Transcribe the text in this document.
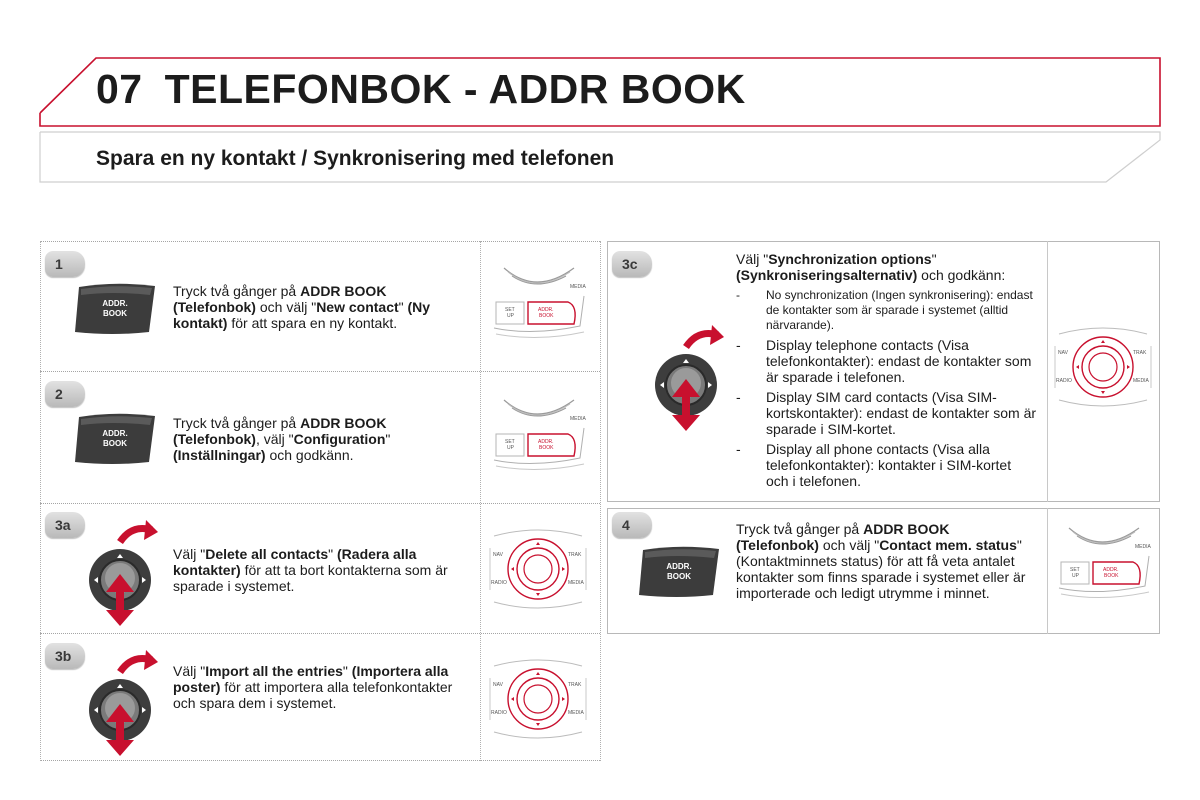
07 TELEFONBOK - ADDR BOOK
Spara en ny kontakt / Synkronisering med telefonen
1
2
3a
3b
3c
4
ADDR.
BOOK
ADDR.
BOOK
ADDR.
BOOK
MEDIA
SET
UP
ADDR.
BOOK
MEDIA
SET
UP
ADDR.
BOOK
MEDIA
SET
UP
ADDR.
BOOK
NAV	TRAK
RADIO	MEDIA
NAV	TRAK
RADIO	MEDIA
NAV	TRAK
RADIO	MEDIA
Tryck två gånger på ADDR BOOK (Telefonbok) och välj "New contact" (Ny kontakt) för att spara en ny kontakt.
Tryck två gånger på ADDR BOOK (Telefonbok), välj "Configuration" (Inställningar) och godkänn.
Välj "Delete all contacts" (Radera alla kontakter) för att ta bort kontakterna som är sparade i systemet.
Välj "Import all the entries" (Importera alla poster) för att importera alla telefonkontakter och spara dem i systemet.
Tryck två gånger på ADDR BOOK (Telefonbok) och välj "Contact mem. status" (Kontaktminnets status) för att få veta antalet kontakter som finns sparade i systemet eller är importerade och ledigt utrymme i minnet.
Välj "Synchronization options" (Synkroniseringsalternativ) och godkänn:
- No synchronization (Ingen synkronisering): endast de kontakter som är sparade i systemet (alltid närvarande).
- Display telephone contacts (Visa telefonkontakter): endast de kontakter som är sparade i telefonen.
- Display SIM card contacts (Visa SIM-kortskontakter): endast de kontakter som är sparade i SIM-kortet.
- Display all phone contacts (Visa alla telefonkontakter): kontakter i SIM-kortet och i telefonen.
